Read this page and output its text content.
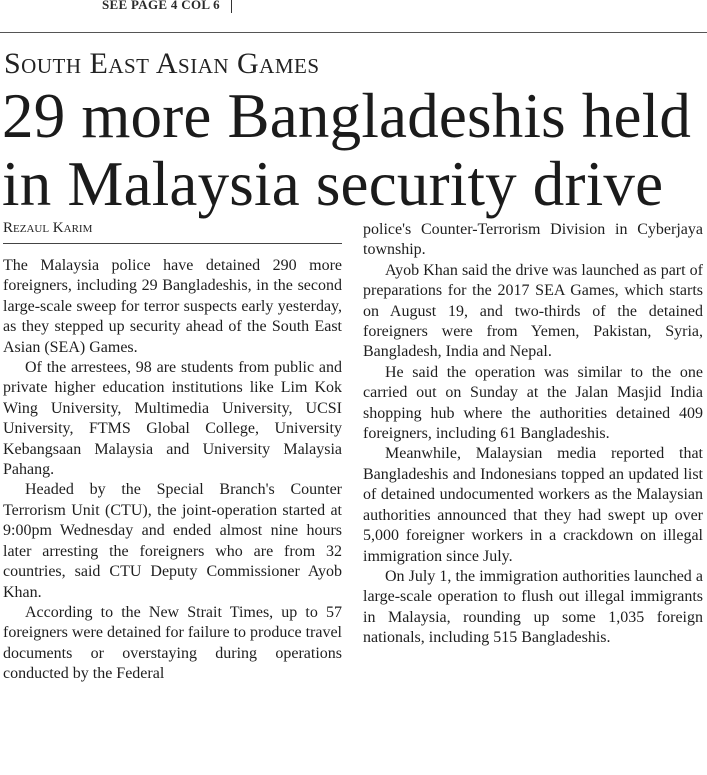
SEE PAGE 4 COL 6
South East Asian Games
29 more Bangladeshis held in Malaysia security drive
Rezaul Karim

The Malaysia police have detained 290 more foreigners, including 29 Bangladeshis, in the second large-scale sweep for terror suspects early yesterday, as they stepped up security ahead of the South East Asian (SEA) Games.

Of the arrestees, 98 are students from public and private higher education institutions like Lim Kok Wing University, Multimedia University, UCSI University, FTMS Global College, University Kebangsaan Malaysia and University Malaysia Pahang.

Headed by the Special Branch's Counter Terrorism Unit (CTU), the joint-operation started at 9:00pm Wednesday and ended almost nine hours later arresting the foreigners who are from 32 countries, said CTU Deputy Commissioner Ayob Khan.

According to the New Strait Times, up to 57 foreigners were detained for failure to produce travel documents or overstaying during operations conducted by the Federal

police's Counter-Terrorism Division in Cyberjaya township.

Ayob Khan said the drive was launched as part of preparations for the 2017 SEA Games, which starts on August 19, and two-thirds of the detained foreigners were from Yemen, Pakistan, Syria, Bangladesh, India and Nepal.

He said the operation was similar to the one carried out on Sunday at the Jalan Masjid India shopping hub where the authorities detained 409 foreigners, including 61 Bangladeshis.

Meanwhile, Malaysian media reported that Bangladeshis and Indonesians topped an updated list of detained undocumented workers as the Malaysian authorities announced that they had swept up over 5,000 foreigner workers in a crackdown on illegal immigration since July.

On July 1, the immigration authorities launched a large-scale operation to flush out illegal immigrants in Malaysia, rounding up some 1,035 foreign nationals, including 515 Bangladeshis.
